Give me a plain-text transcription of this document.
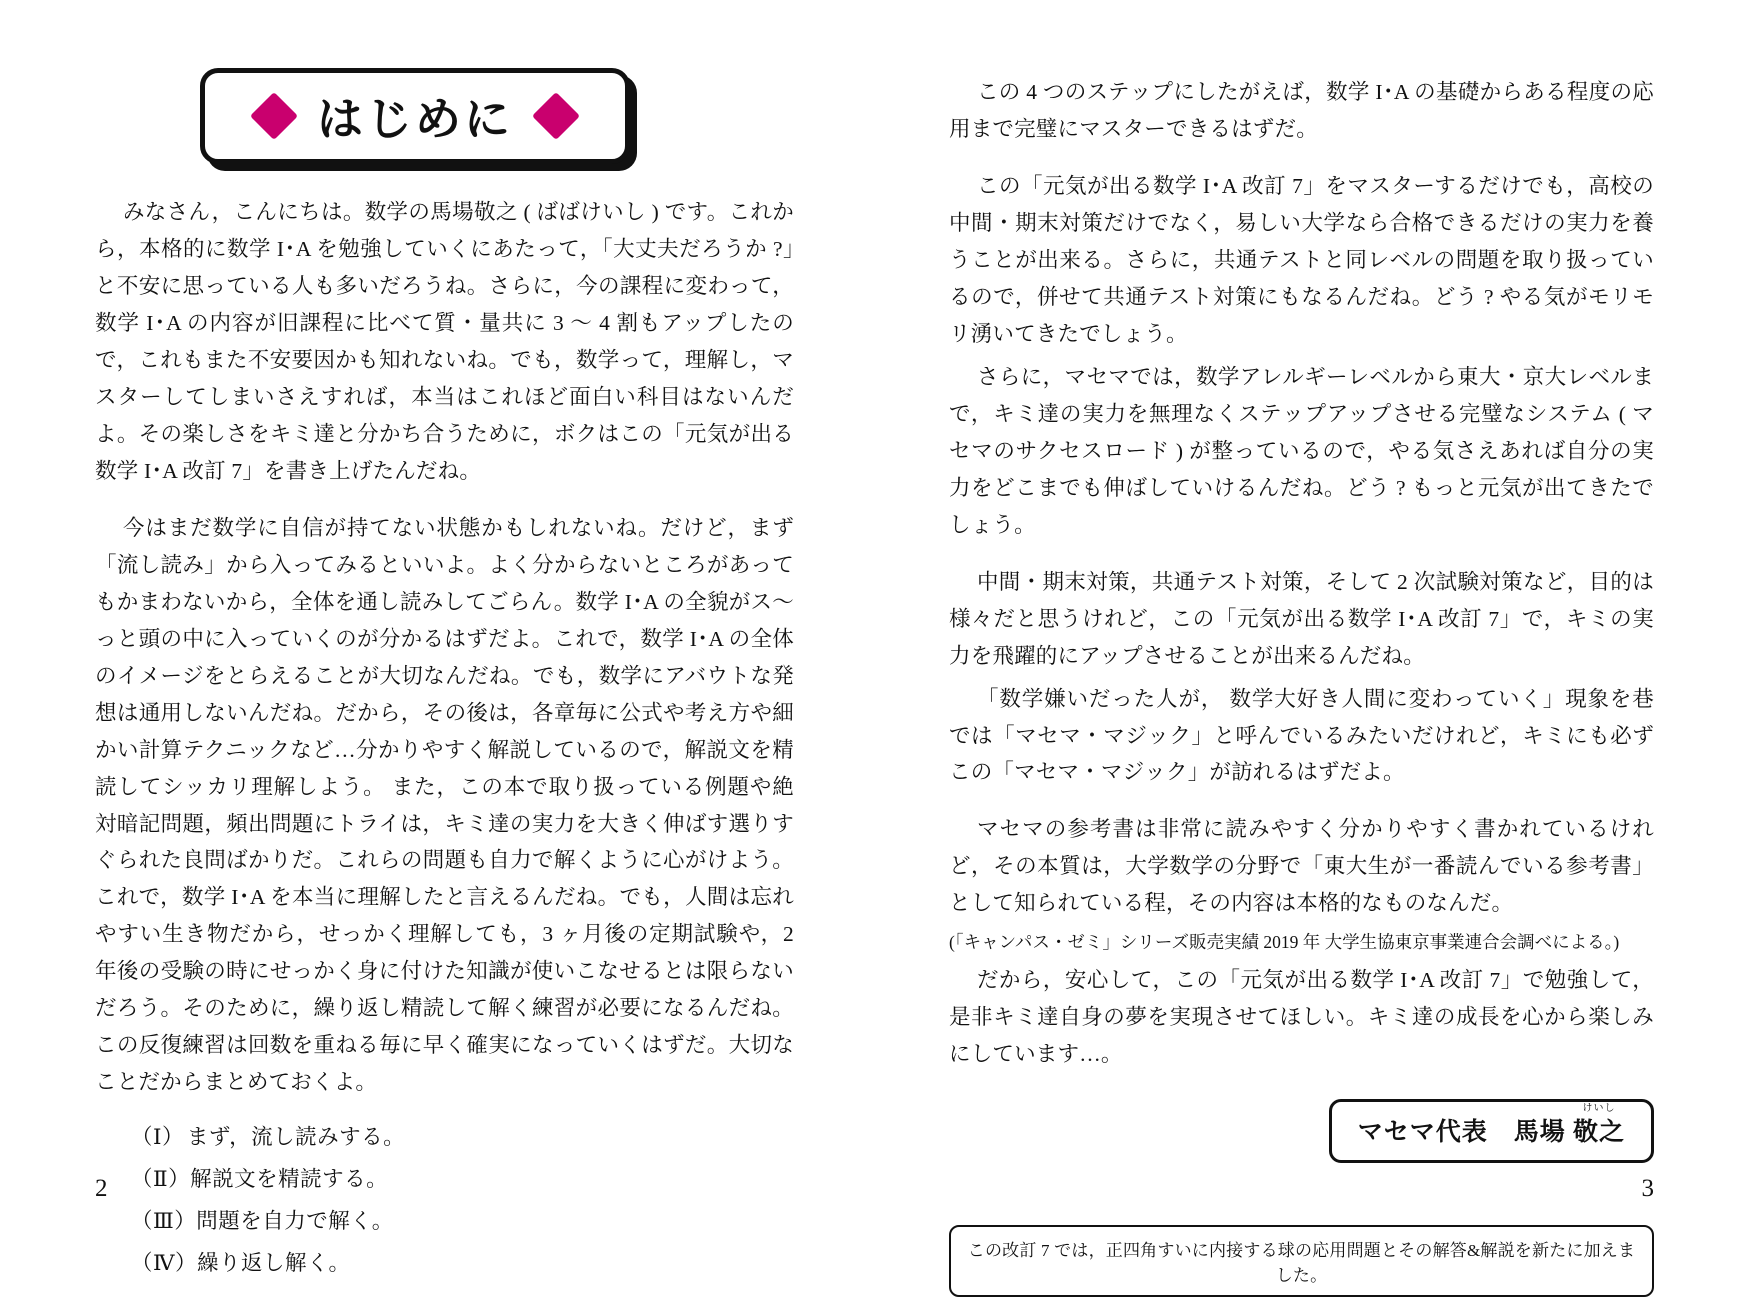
はじめに

みなさん，こんにちは。数学の馬場敬之 ( ばばけいし ) です。これから，本格的に数学 I･A を勉強していくにあたって，「大丈夫だろうか ?」と不安に思っている人も多いだろうね。さらに，今の課程に変わって，数学 I･A の内容が旧課程に比べて質・量共に 3 ～ 4 割もアップしたので，これもまた不安要因かも知れないね。でも，数学って，理解し，マスターしてしまいさえすれば，本当はこれほど面白い科目はないんだよ。その楽しさをキミ達と分かち合うために，ボクはこの「元気が出る数学 I･A 改訂 7」を書き上げたんだね。

今はまだ数学に自信が持てない状態かもしれないね。だけど，まず「流し読み」から入ってみるといいよ。よく分からないところがあってもかまわないから，全体を通し読みしてごらん。数学 I･A の全貌がス～っと頭の中に入っていくのが分かるはずだよ。これで，数学 I･A の全体のイメージをとらえることが大切なんだね。でも，数学にアバウトな発想は通用しないんだね。だから，その後は，各章毎に公式や考え方や細かい計算テクニックなど…分かりやすく解説しているので，解説文を精読してシッカリ理解しよう。 また，この本で取り扱っている例題や絶対暗記問題，頻出問題にトライは，キミ達の実力を大きく伸ばす選りすぐられた良問ばかりだ。これらの問題も自力で解くように心がけよう。これで，数学 I･A を本当に理解したと言えるんだね。でも，人間は忘れやすい生き物だから，せっかく理解しても，3 ヶ月後の定期試験や，2 年後の受験の時にせっかく身に付けた知識が使いこなせるとは限らないだろう。そのために，繰り返し精読して解く練習が必要になるんだね。この反復練習は回数を重ねる毎に早く確実になっていくはずだ。大切なことだからまとめておくよ。

（Ⅰ） まず，流し読みする。
（Ⅱ）解説文を精読する。
（Ⅲ）問題を自力で解く。
（Ⅳ）繰り返し解く。
2

この 4 つのステップにしたがえば，数学 I･A の基礎からある程度の応用まで完璧にマスターできるはずだ。

この「元気が出る数学 I･A 改訂 7」をマスターするだけでも，高校の中間・期末対策だけでなく，易しい大学なら合格できるだけの実力を養うことが出来る。さらに，共通テストと同レベルの問題を取り扱っているので，併せて共通テスト対策にもなるんだね。どう ? やる気がモリモリ湧いてきたでしょう。

さらに，マセマでは，数学アレルギーレベルから東大・京大レベルまで，キミ達の実力を無理なくステップアップさせる完璧なシステム ( マセマのサクセスロード ) が整っているので，やる気さえあれば自分の実力をどこまでも伸ばしていけるんだね。どう ? もっと元気が出てきたでしょう。

中間・期末対策，共通テスト対策，そして 2 次試験対策など，目的は様々だと思うけれど，この「元気が出る数学 I･A 改訂 7」で，キミの実力を飛躍的にアップさせることが出来るんだね。

「数学嫌いだった人が， 数学大好き人間に変わっていく」現象を巷では「マセマ・マジック」と呼んでいるみたいだけれど，キミにも必ずこの「マセマ・マジック」が訪れるはずだよ。

マセマの参考書は非常に読みやすく分かりやすく書かれているけれど，その本質は，大学数学の分野で「東大生が一番読んでいる参考書」として知られている程，その内容は本格的なものなんだ。

(「キャンパス・ゼミ」シリーズ販売実績 2019 年 大学生協東京事業連合会調べによる。)

だから，安心して，この「元気が出る数学 I･A 改訂 7」で勉強して，是非キミ達自身の夢を実現させてほしい。キミ達の成長を心から楽しみにしています…。

マセマ代表 馬場
けいし
敬之
この改訂 7 では，正四角すいに内接する球の応用問題とその解答&解説を新たに加えました。
3
